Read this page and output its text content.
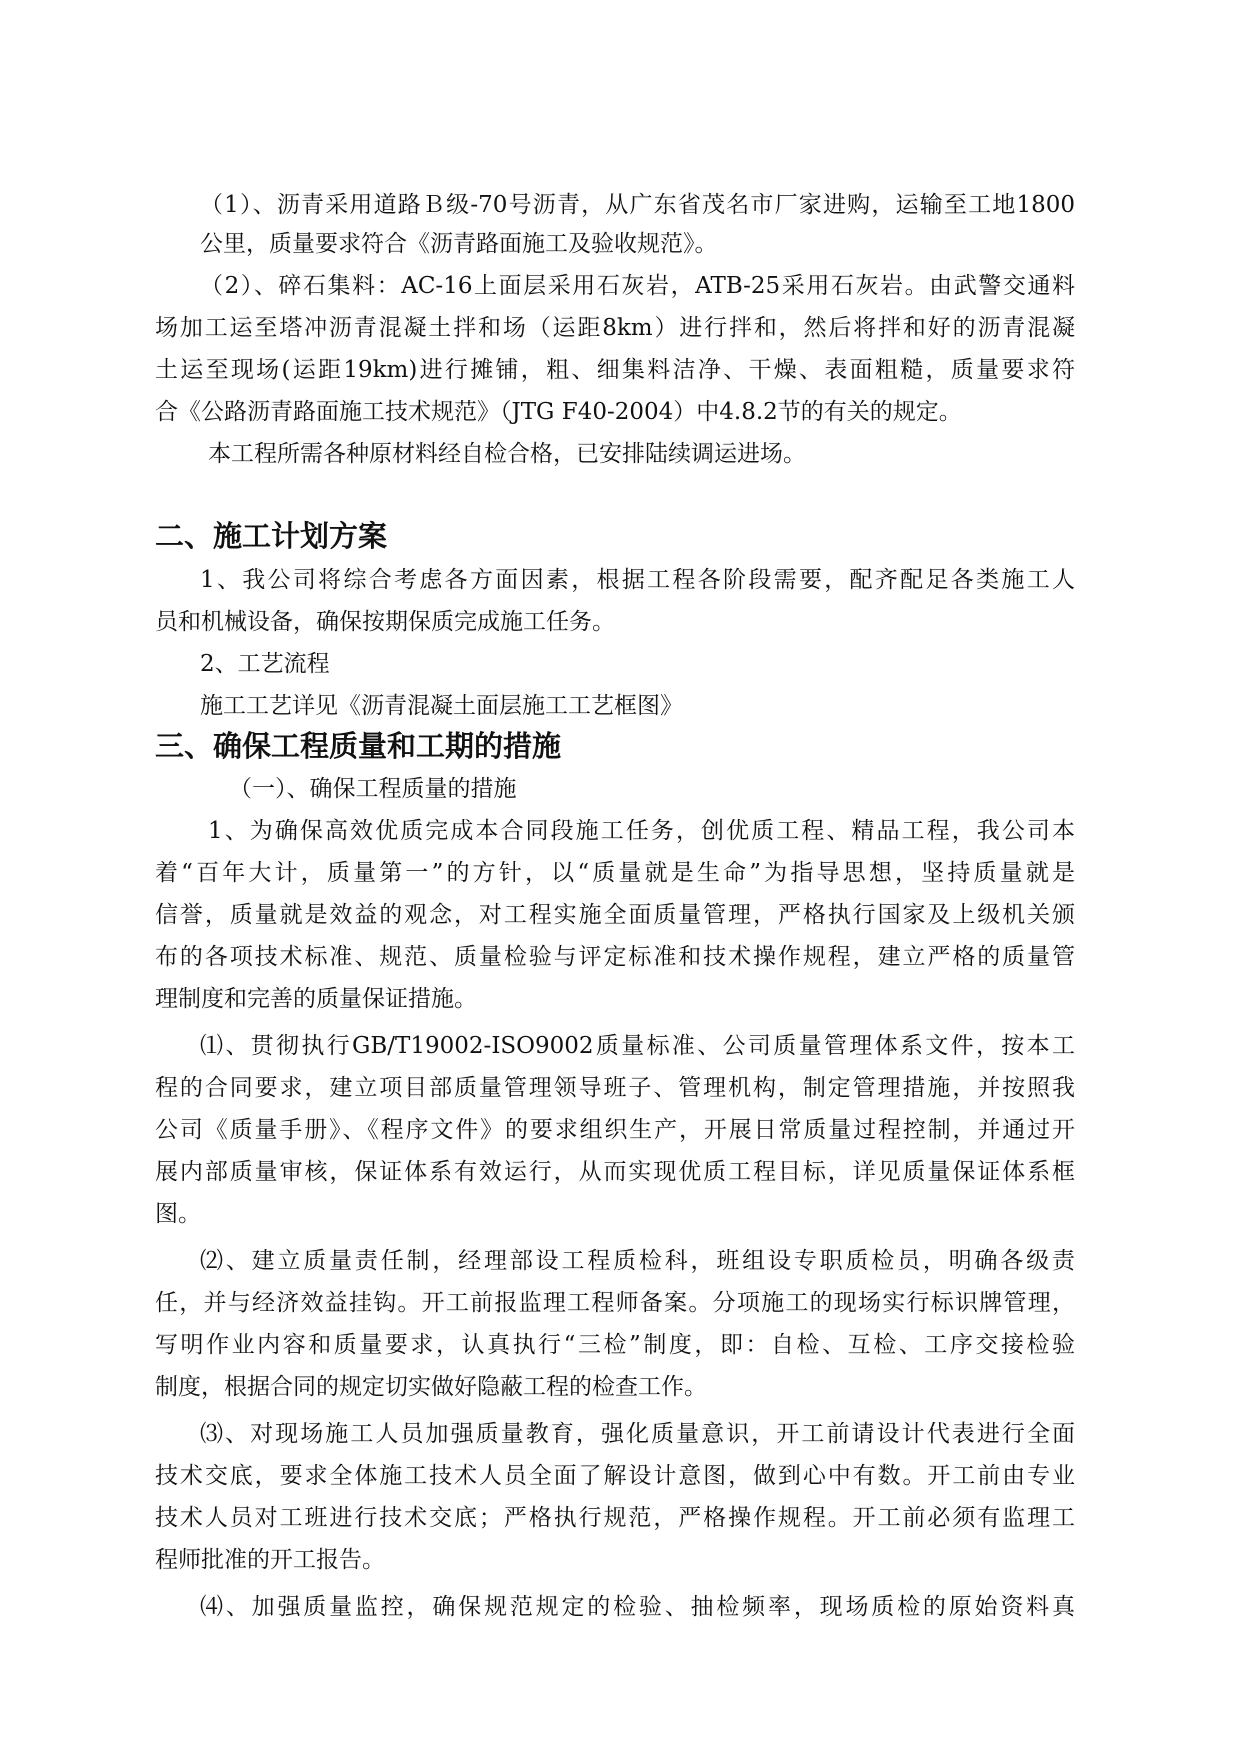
（1）、沥青采用道路Ｂ级-70号沥青，从广东省茂名市厂家进购，运输至工地1800
公里，质量要求符合《沥青路面施工及验收规范》。
（2）、碎石集料：AC-16上面层采用石灰岩，ATB-25采用石灰岩。由武警交通料
场加工运至塔冲沥青混凝土拌和场（运距8km）进行拌和，然后将拌和好的沥青混凝
土运至现场(运距19km)进行摊铺，粗、细集料洁净、干燥、表面粗糙，质量要求符
合《公路沥青路面施工技术规范》（JTG F40-2004）中4.8.2节的有关的规定。
本工程所需各种原材料经自检合格，已安排陆续调运进场。
二、施工计划方案
1、我公司将综合考虑各方面因素，根据工程各阶段需要，配齐配足各类施工人
员和机械设备，确保按期保质完成施工任务。
2、工艺流程
施工工艺详见《沥青混凝土面层施工工艺框图》
三、确保工程质量和工期的措施
（一）、确保工程质量的措施
1、为确保高效优质完成本合同段施工任务，创优质工程、精品工程，我公司本
着“百年大计，质量第一”的方针，以“质量就是生命”为指导思想，坚持质量就是
信誉，质量就是效益的观念，对工程实施全面质量管理，严格执行国家及上级机关颁
布的各项技术标准、规范、质量检验与评定标准和技术操作规程，建立严格的质量管
理制度和完善的质量保证措施。
⑴、贯彻执行GB/T19002-ISO9002质量标准、公司质量管理体系文件，按本工
程的合同要求，建立项目部质量管理领导班子、管理机构，制定管理措施，并按照我
公司《质量手册》、《程序文件》的要求组织生产，开展日常质量过程控制，并通过开
展内部质量审核，保证体系有效运行，从而实现优质工程目标，详见质量保证体系框
图。
⑵、建立质量责任制，经理部设工程质检科，班组设专职质检员，明确各级责
任，并与经济效益挂钩。开工前报监理工程师备案。分项施工的现场实行标识牌管理，
写明作业内容和质量要求，认真执行“三检”制度，即：自检、互检、工序交接检验
制度，根据合同的规定切实做好隐蔽工程的检查工作。
⑶、对现场施工人员加强质量教育，强化质量意识，开工前请设计代表进行全面
技术交底，要求全体施工技术人员全面了解设计意图，做到心中有数。开工前由专业
技术人员对工班进行技术交底；严格执行规范，严格操作规程。开工前必须有监理工
程师批准的开工报告。
⑷、加强质量监控，确保规范规定的检验、抽检频率，现场质检的原始资料真
